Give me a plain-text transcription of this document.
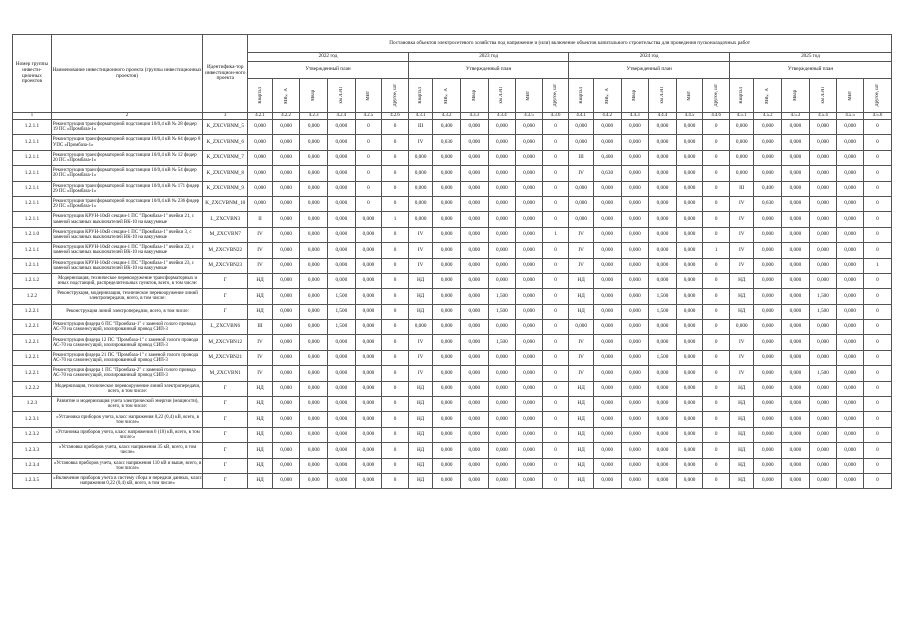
Номер группы инвести-ционных проектов	Наименование инвестиционного проекта (группы инвестиционных проектов)	Идентифика-тор инвестицион-ного проекта	Постановка объектов электросетевого хозяйства под напряжение и (или) включение объектов капитального строительства для проведения пусконаладочных работ																							
			2022 год						2023 год						2024 год						2025 год					
			Утвержденный план						Утвержденный план						Утвержденный план						Утвержденный план					

			Квартал	МВ×А	Мвар	км ЛЭП	МВт	Другое, шт	Квартал	МВ×А	Мвар	км ЛЭП	МВт	Другое, шт	Квартал	МВ×А	Мвар	км ЛЭП	МВт	Другое, шт	Квартал	МВ×А	Мвар	км ЛЭП	МВт	Другое, шт

1	2	3	4.2.1	4.2.2	4.2.3	4.2.4	4.2.5	4.2.6	4.3.1	4.3.2	4.3.3	4.3.4	4.3.5	4.3.6	4.4.1	4.4.2	4.4.3	4.4.4	4.4.5	4.4.6	4.5.1	4.5.2	4.5.3	4.5.4	4.5.5	4.5.6
1.2.1.1	Реконструкция трансформаторной подстанции 10/0,4 кВ № 28 фидер 19 ПС «Промбаза-1»	K_ZXCVBNM_5	0,000	0,000	0,000	0,000	0	0	III	0,400	0,000	0,000	0,000	0	0,000	0,000	0,000	0,000	0,000	0	0,000	0,000	0,000	0,000	0,000	0
1.2.1.1	Реконструкция трансформаторной подстанции 10/0,4 кВ № 64 фидер 8 УПС «Промбаза-1»	K_ZXCVBNM_6	0,000	0,000	0,000	0,000	0	0	IV	0,630	0,000	0,000	0,000	0	0,000	0,000	0,000	0,000	0,000	0	0,000	0,000	0,000	0,000	0,000	0
1.2.1.1	Реконструкция трансформаторной подстанции 10/0,4 кВ № 12 фидер 20 ПС «Промбаза-1»	K_ZXCVBNM_7	0,000	0,000	0,000	0,000	0	0	0,000	0,000	0,000	0,000	0,000	0	III	0,400	0,000	0,000	0,000	0	0,000	0,000	0,000	0,000	0,000	0
1.2.1.1	Реконструкция трансформаторной подстанции 10/0,4 кВ № 54 фидер 20 ПС «Промбаза-1»	K_ZXCVBNM_8	0,000	0,000	0,000	0,000	0	0	0,000	0,000	0,000	0,000	0,000	0	IV	0,630	0,000	0,000	0,000	0	0,000	0,000	0,000	0,000	0,000	0
1.2.1.1	Реконструкция трансформаторной подстанции 10/0,4 кВ № 171 фидер 29 ПС «Промбаза-1»	K_ZXCVBNM_9	0,000	0,000	0,000	0,000	0	0	0,000	0,000	0,000	0,000	0,000	0	0,000	0,000	0,000	0,000	0,000	0	III	0,400	0,000	0,000	0,000	0
1.2.1.1	Реконструкция трансформаторной подстанции 10/0,4 кВ № 236 фидер 29 ПС «Промбаза-1»	K_ZXCVBNM_10	0,000	0,000	0,000	0,000	0	0	0,000	0,000	0,000	0,000	0,000	0	0,000	0,000	0,000	0,000	0,000	0	IV	0,630	0,000	0,000	0,000	0
1.2.1.1	Реконструкция КРУН-10кВ секции-1 ПС "Промбаза-1" ячейки 21, с заменой масляных выключателей ВК-10 на вакуумные	L_ZXCVBN3	II	0,000	0,000	0,000	0,000	1	0,000	0,000	0,000	0,000	0,000	0	0,000	0,000	0,000	0,000	0,000	0	IV	0,000	0,000	0,000	0,000	0
1.2.1.0	Реконструкция КРУН-10кВ секции-1 ПС "Промбаза-1" ячейки 3, с заменой масляных выключателей ВК-10 на вакуумные	M_ZXCVBN7	IV	0,000	0,000	0,000	0,000	0	IV	0,000	0,000	0,000	0,000	1	IV	0,000	0,000	0,000	0,000	0	IV	0,000	0,000	0,000	0,000	0
1.2.1.1	Реконструкция КРУН-10кВ секции-1 ПС "Промбаза-1" ячейки 22, с заменой масляных выключателей ВК-10 на вакуумные	M_ZXCVBN22	IV	0,000	0,000	0,000	0,000	0	IV	0,000	0,000	0,000	0,000	0	IV	0,000	0,000	0,000	0,000	1	IV	0,000	0,000	0,000	0,000	0
1.2.1.1	Реконструкция КРУН-10кВ секции-1 ПС "Промбаза-1" ячейки 23, с заменой масляных выключателей ВК-10 на вакуумные	M_ZXCVBN23	IV	0,000	0,000	0,000	0,000	0	IV	0,000	0,000	0,000	0,000	0	IV	0,000	0,000	0,000	0,000	0	IV	0,000	0,000	0,000	0,000	1
1.2.1.2	Модернизация, техническое перевооружение трансформаторных и иных подстанций, распределительных пунктов, всего, в том числе:	Г	НД	0,000	0,000	0,000	0,000	0	НД	0,000	0,000	0,000	0,000	0	НД	0,000	0,000	0,000	0,000	0	НД	0,000	0,000	0,000	0,000	0
1.2.2	Реконструкция, модернизация, техническое перевооружение линий электропередачи, всего, в том числе:	Г	НД	0,000	0,000	1,500	0,000	0	НД	0,000	0,000	1,500	0,000	0	НД	0,000	0,000	1,500	0,000	0	НД	0,000	0,000	1,500	0,000	0
1.2.2.1	Реконструкция линий электропередачи, всего, в том числе:	Г	НД	0,000	0,000	1,500	0,000	0	НД	0,000	0,000	1,500	0,000	0	НД	0,000	0,000	1,500	0,000	0	НД	0,000	0,000	1,500	0,000	0
1.2.2.1	Реконструкция фидера 6 ПС "Промбаза-1" с заменой голого провода АС-70 на самонесущий, изолированный провод СИП-3	L_ZXCVBN6	III	0,000	0,000	1,500	0,000	0	0,000	0,000	0,000	0,000	0,000	0	0,000	0,000	0,000	0,000	0,000	0	0,000	0,000	0,000	0,000	0,000	0
1.2.2.1	Реконструкция фидера 12 ПС "Промбаза-1" с заменой голого провода АС-70 на самонесущий, изолированный провод СИП-3	M_ZXCVBN12	IV	0,000	0,000	0,000	0,000	0	IV	0,000	0,000	1,500	0,000	0	IV	0,000	0,000	0,000	0,000	0	IV	0,000	0,000	0,000	0,000	0
1.2.2.1	Реконструкция фидера 21 ПС "Промбаза-1" с заменой голого провода АС-70 на самонесущий, изолированный провод СИП-3	M_ZXCVBN21	IV	0,000	0,000	0,000	0,000	0	IV	0,000	0,000	0,000	0,000	0	IV	0,000	0,000	1,500	0,000	0	IV	0,000	0,000	0,000	0,000	0
1.2.2.1	Реконструкция фидера 1 ПС "Промбаза-2" с заменой голого провода АС-70 на самонесущий, изолированный провод СИП-3	M_ZXCVBN1	IV	0,000	0,000	0,000	0,000	0	IV	0,000	0,000	0,000	0,000	0	IV	0,000	0,000	0,000	0,000	0	IV	0,000	0,000	1,500	0,000	0
1.2.2.2	Модернизация, техническое перевооружение линий электропередачи, всего, в том числе:	Г	НД	0,000	0,000	0,000	0,000	0	НД	0,000	0,000	0,000	0,000	0	НД	0,000	0,000	0,000	0,000	0	НД	0,000	0,000	0,000	0,000	0
1.2.3	Развитие и модернизация учета электрической энергии (мощности), всего, в том числе:	Г	НД	0,000	0,000	0,000	0,000	0	НД	0,000	0,000	0,000	0,000	0	НД	0,000	0,000	0,000	0,000	0	НД	0,000	0,000	0,000	0,000	0
1.2.3.1	«Установка приборов учета, класс напряжения 0,22 (0,4) кВ, всего, в том числе»	Г	НД	0,000	0,000	0,000	0,000	0	НД	0,000	0,000	0,000	0,000	0	НД	0,000	0,000	0,000	0,000	0	НД	0,000	0,000	0,000	0,000	0
1.2.3.2	«Установка приборов учета, класс напряжения 6 (10) кВ, всего, в том числе:»	Г	НД	0,000	0,000	0,000	0,000	0	НД	0,000	0,000	0,000	0,000	0	НД	0,000	0,000	0,000	0,000	0	НД	0,000	0,000	0,000	0,000	0
1.2.3.3	«Установка приборов учета, класс напряжения 35 кВ, всего, в том числе»	Г	НД	0,000	0,000	0,000	0,000	0	НД	0,000	0,000	0,000	0,000	0	НД	0,000	0,000	0,000	0,000	0	НД	0,000	0,000	0,000	0,000	0
1.2.3.4	«Установка приборов учета, класс напряжения 110 кВ и выше, всего, в том числе»	Г	НД	0,000	0,000	0,000	0,000	0	НД	0,000	0,000	0,000	0,000	0	НД	0,000	0,000	0,000	0,000	0	НД	0,000	0,000	0,000	0,000	0
1.2.3.5	«Включение приборов учета в систему сбора и передачи данных, класс напряжения 0,22 (0,4) кВ, всего, в том числе»	Г	НД	0,000	0,000	0,000	0,000	0	НД	0,000	0,000	0,000	0,000	0	НД	0,000	0,000	0,000	0,000	0	НД	0,000	0,000	0,000	0,000	0
